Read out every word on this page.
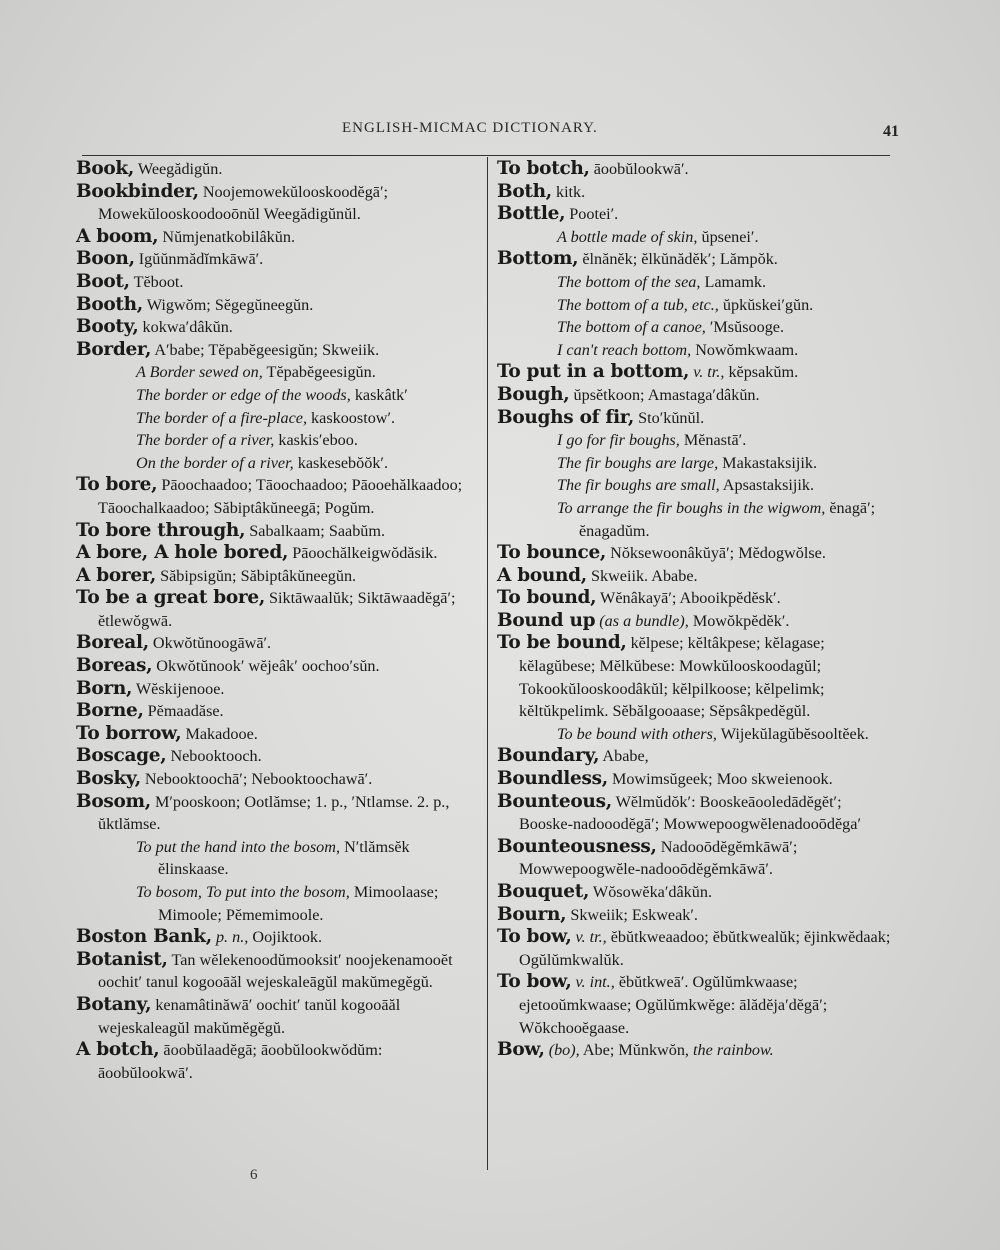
ENGLISH-MICMAC DICTIONARY.	41

Book, Weegădigŭn.

Bookbinder, Noojemowekŭlooskoodĕgā′; Mowekŭlooskoodooōnŭl Weegădigŭnŭl.

A boom, Nŭmjenatkobilâkŭn.

Boon, Igŭŭnmădĭmkāwā′.

Boot, Tĕboot.

Booth, Wigwŏm; Sĕgegŭneegŭn.

Booty, kokwa′dâkŭn.

Border, A′babe; Tĕpabĕgeesigŭn; Skweiik.

A Border sewed on, Tĕpabĕgeesigŭn.

The border or edge of the woods, kaskâtk′

The border of a fire-place, kaskoostow′.

The border of a river, kaskis′eboo.

On the border of a river, kaskesebŏŏk′.

To bore, Pāoochaadoo; Tāoochaadoo; Pāooehălkaadoo; Tāoochalkaadoo; Săbiptâkŭneegā; Pogŭm.

To bore through, Sabalkaam; Saabŭm.

A bore, A hole bored, Pāoochălkeigwŏdăsik.

A borer, Săbipsigŭn; Săbiptâkŭneegŭn.

To be a great bore, Siktāwaalŭk; Siktāwaadĕgā′; ĕtlewŏgwā.

Boreal, Okwŏtŭnoogāwā′.

Boreas, Okwŏtŭnook′ wĕjeâk′ oochoo′sŭn.

Born, Wĕskijenooe.

Borne, Pĕmaadăse.

To borrow, Makadooe.

Boscage, Nebooktooch.

Bosky, Nebooktoochā′; Nebooktoochawā′.

Bosom, M′pooskoon; Ootlămse; 1. p., ′Ntlamse. 2. p., ŭktlămse.

To put the hand into the bosom, N′tlămsĕk ĕlinskaase.

To bosom, To put into the bosom, Mimoolaase; Mimoole; Pĕmemimoole.

Boston Bank, p. n., Oojiktook.

Botanist, Tan wĕlekenoodŭmooksit′ noojekenamooĕt oochit′ tanul kogooāăl wejeskaleāgŭl makŭmegĕgŭ.

Botany, kenamâtinăwā′ oochit′ tanŭl kogooāăl wejeskaleagŭl makŭmĕgĕgŭ.

A botch, āoobŭlaadĕgā; āoobŭlookwŏdŭm: āoobŭlookwā′.

To botch, āoobŭlookwā′.

Both, kitk.

Bottle, Pootei′.

A bottle made of skin, ŭpsenei′.

Bottom, ĕlnănĕk; ĕlkŭnădĕk′; Lămpŏk.

The bottom of the sea, Lamamk.

The bottom of a tub, etc., ŭpkŭskei′gŭn.

The bottom of a canoe, ′Msŭsooge.

I can't reach bottom, Nowŏmkwaam.

To put in a bottom, v. tr., kĕpsakŭm.

Bough, ŭpsĕtkoon; Amastaga′dâkŭn.

Boughs of fir, Sto′kŭnŭl.

I go for fir boughs, Mĕnastā′.

The fir boughs are large, Makastaksijik.

The fir boughs are small, Apsastaksijik.

To arrange the fir boughs in the wigwom, ĕnagā′; ĕnagadŭm.

To bounce, Nŏksewoonâkŭyā′; Mĕdogwŏlse.

A bound, Skweiik. Ababe.

To bound, Wĕnâkayā′; Abooikpĕdĕsk′.

Bound up (as a bundle), Mowŏkpĕdĕk′.

To be bound, kĕlpese; kĕltâkpese; kĕlagase; kĕlagŭbese; Mĕlkŭbese: Mowkŭlooskoodagŭl; Tokookŭlooskoodâkŭl; kĕlpilkoose; kĕlpelimk; kĕltŭkpelimk. Sĕbălgooaase; Sĕpsâkpedĕgŭl.

To be bound with others, Wijekŭlagŭbĕsooltĕek.

Boundary, Ababe,

Boundless, Mowimsŭgeek; Moo skweienook.

Bounteous, Wĕlmŭdŏk′: Booskeāooledādĕgĕt′; Booske-nadooodĕgā′; Mowwepoogwĕlenadooōdĕga′

Bounteousness, Nadooōdĕgĕmkāwā′; Mowwepoogwĕle-nadooōdĕgĕmkāwā′.

Bouquet, Wŏsowĕka′dâkŭn.

Bourn, Skweiik; Eskweak′.

To bow, v. tr., ĕbŭtkweaadoo; ĕbŭtkwealŭk; ĕjinkwĕdaak; Ogŭlŭmkwalŭk.

To bow, v. int., ĕbŭtkweā′. Ogŭlŭmkwaase; ejetooŭmkwaase; Ogŭlŭmkwĕge: ālădĕja′dĕgā′; Wŏkchooĕgaase.

Bow, (bo), Abe; Mŭnkwŏn, the rainbow.

6
